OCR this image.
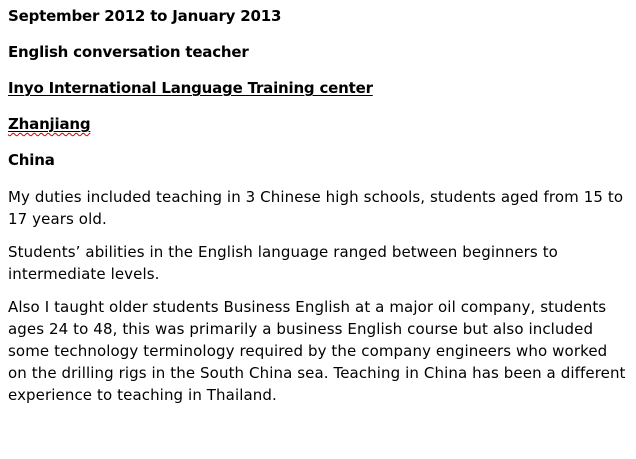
September 2012 to January 2013
English conversation teacher
Inyo International Language Training center
Zhanjiang
China

My duties included teaching in 3 Chinese high schools, students aged from 15 to 17 years old.

Students’ abilities in the English language ranged between beginners to intermediate levels.

Also I taught older students Business English at a major oil company, students ages 24 to 48, this was primarily a business English course but also included some technology terminology required by the company engineers who worked on the drilling rigs in the South China sea. Teaching in China has been a different experience to teaching in Thailand.
